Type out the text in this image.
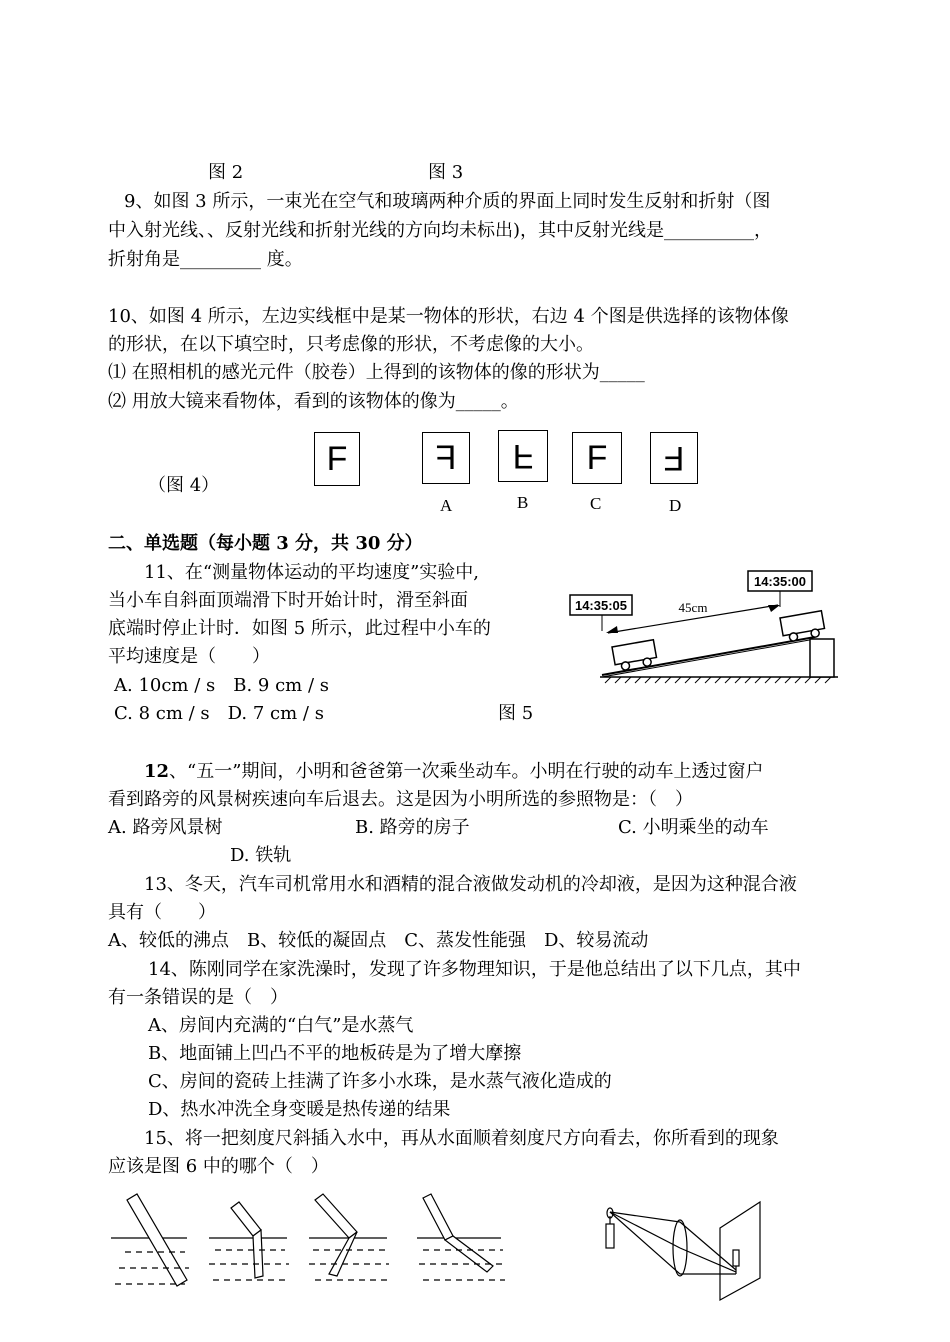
图 2	图 3
9、如图 3 所示，一束光在空气和玻璃两种介质的界面上同时发生反射和折射（图
中入射光线、、反射光线和折射光线的方向均未标出)，其中反射光线是__________，
折射角是_________ 度。
10、如图 4 所示，左边实线框中是某一物体的形状，右边 4 个图是供选择的该物体像
的形状，在以下填空时，只考虑像的形状，不考虑像的大小。
⑴ 在照相机的感光元件（胶卷）上得到的该物体的像的形状为_____
⑵ 用放大镜来看物体，看到的该物体的像为_____。
（图 4）
F	F	F	F	F
A	B	C	D
二、单选题（每小题 3 分，共 30 分）
11、在“测量物体运动的平均速度”实验中,
当小车自斜面顶端滑下时开始计时，滑至斜面
底端时停止计时．如图 5 所示，此过程中小车的
平均速度是（　　）
A. 10cm / s　B. 9 cm / s
C. 8 cm / s　D. 7 cm / s	图 5
14:35:05
14:35:00
45cm
12、“五一”期间，小明和爸爸第一次乘坐动车。小明在行驶的动车上透过窗户
看到路旁的风景树疾速向车后退去。这是因为小明所选的参照物是：（　）
A. 路旁风景树	B. 路旁的房子	C. 小明乘坐的动车
D. 铁轨
13、冬天，汽车司机常用水和酒精的混合液做发动机的冷却液，是因为这种混合液
具有（　　）
A、较低的沸点　B、较低的凝固点　C、蒸发性能强　D、较易流动
14、陈刚同学在家洗澡时，发现了许多物理知识，于是他总结出了以下几点，其中
有一条错误的是（　）
A、房间内充满的“白气”是水蒸气
B、地面铺上凹凸不平的地板砖是为了增大摩擦
C、房间的瓷砖上挂满了许多小水珠，是水蒸气液化造成的
D、热水冲洗全身变暖是热传递的结果
15、将一把刻度尺斜插入水中，再从水面顺着刻度尺方向看去，你所看到的现象
应该是图 6 中的哪个（　）
